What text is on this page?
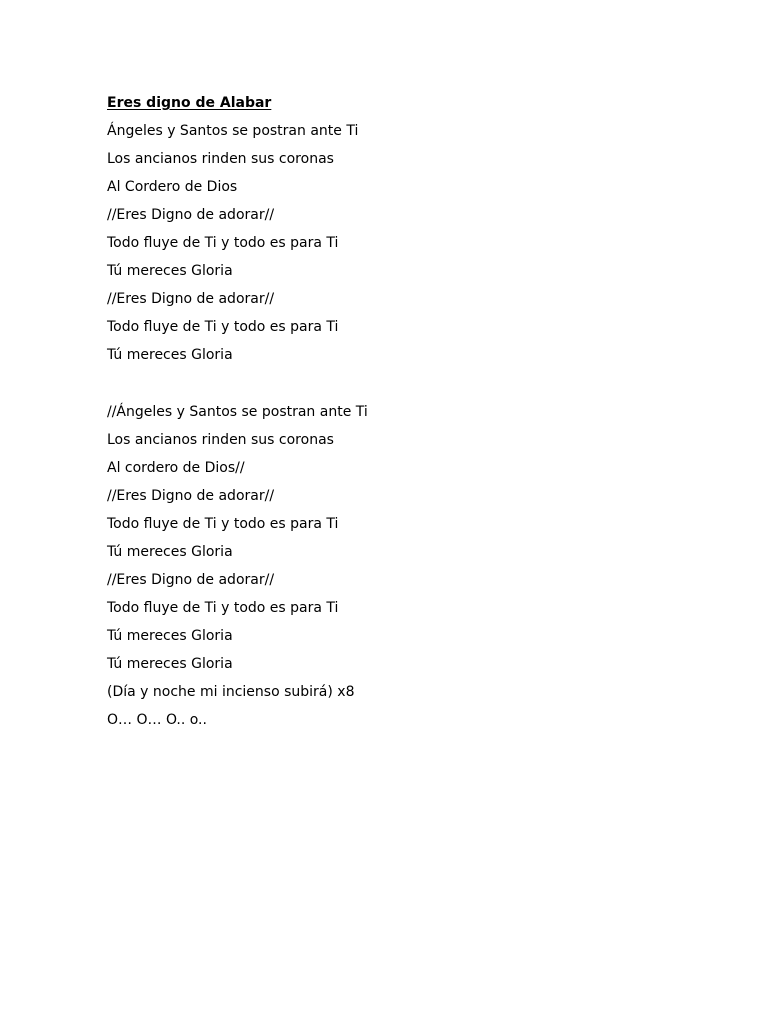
Eres digno de Alabar
Ángeles y Santos se postran ante Ti
Los ancianos rinden sus coronas
Al Cordero de Dios
//Eres Digno de adorar//
Todo fluye de Ti y todo es para Ti
Tú mereces Gloria
//Eres Digno de adorar//
Todo fluye de Ti y todo es para Ti
Tú mereces Gloria
//Ángeles y Santos se postran ante Ti
Los ancianos rinden sus coronas
Al cordero de Dios//
//Eres Digno de adorar//
Todo fluye de Ti y todo es para Ti
Tú mereces Gloria
//Eres Digno de adorar//
Todo fluye de Ti y todo es para Ti
Tú mereces Gloria
Tú mereces Gloria
(Día y noche mi incienso subirá) x8
O… O… O.. o..
